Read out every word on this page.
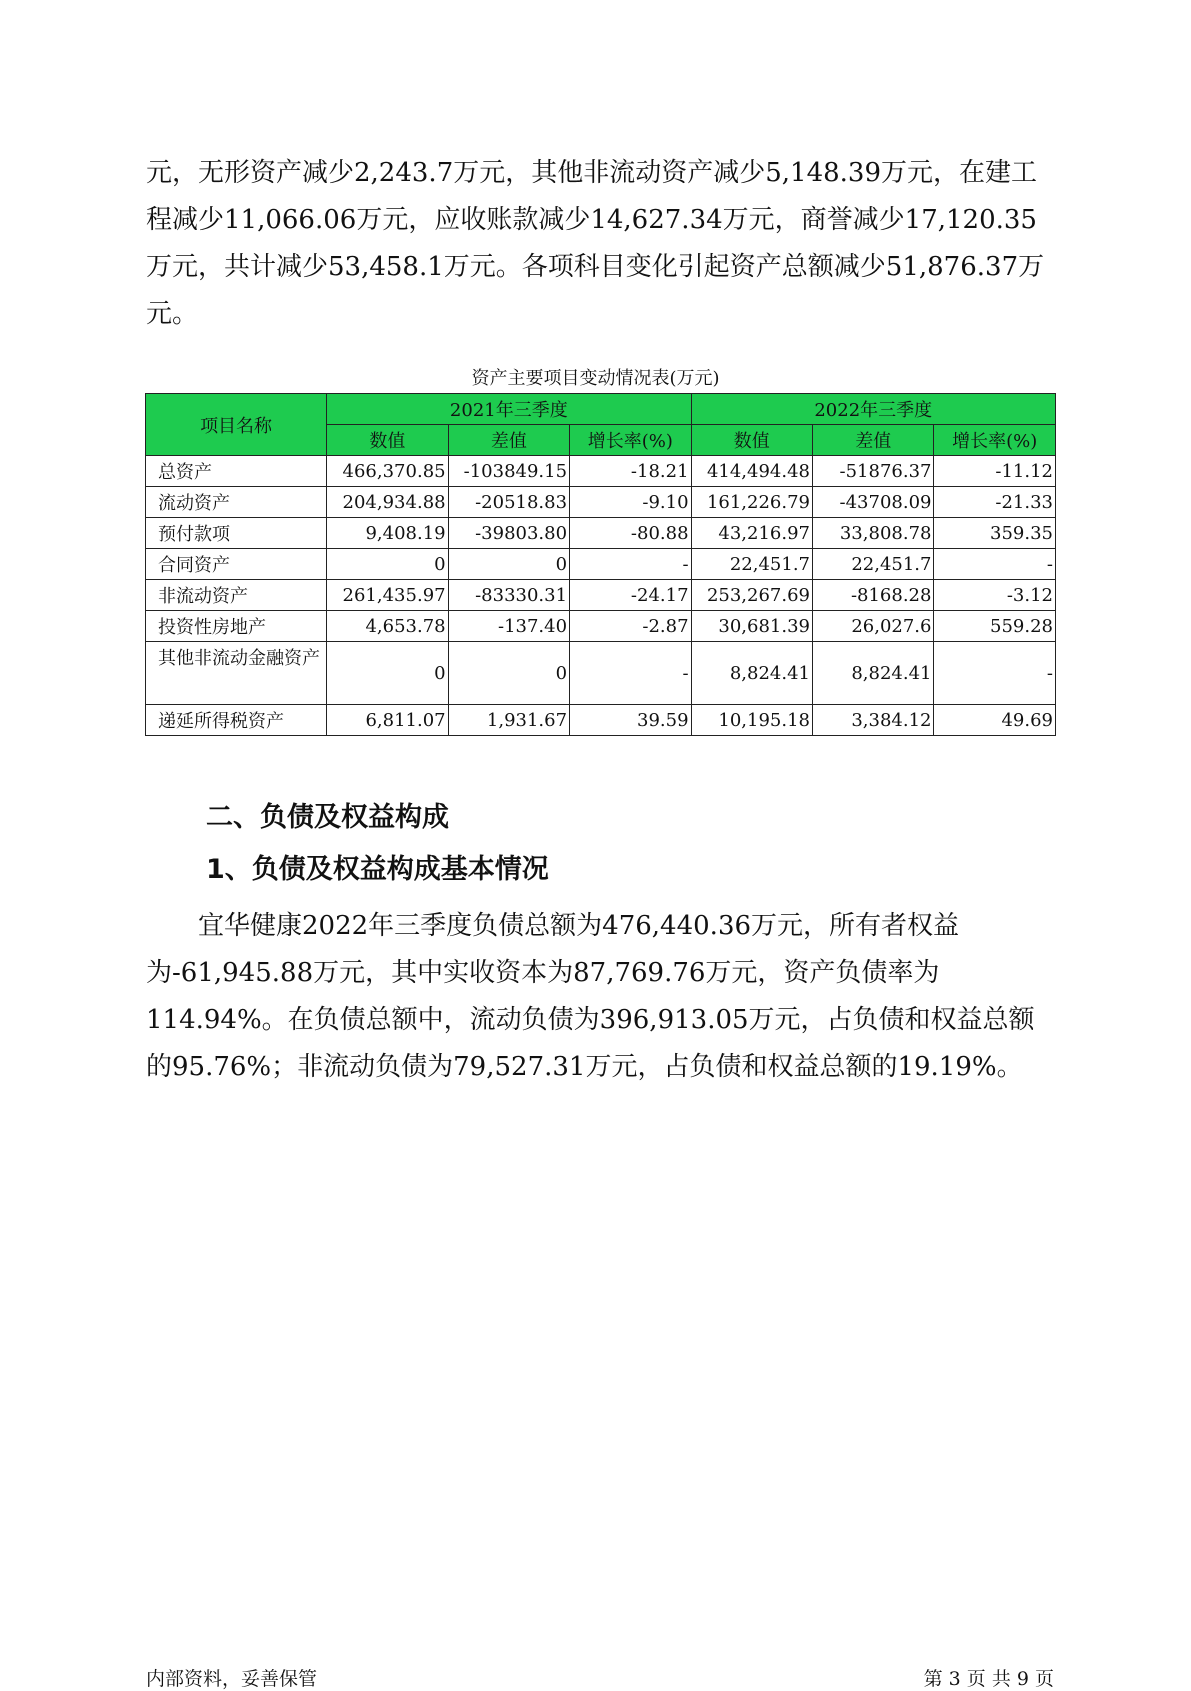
元，无形资产减少2,243.7万元，其他非流动资产减少5,148.39万元，在建工程减少11,066.06万元，应收账款减少14,627.34万元，商誉减少17,120.35万元，共计减少53,458.1万元。各项科目变化引起资产总额减少51,876.37万元。

资产主要项目变动情况表(万元)
项目名称	2021年三季度			2022年三季度		
	数值	差值	增长率(%)	数值	差值	增长率(%)
总资产	466,370.85	-103849.15	-18.21	414,494.48	-51876.37	-11.12
流动资产	204,934.88	-20518.83	-9.10	161,226.79	-43708.09	-21.33
预付款项	9,408.19	-39803.80	-80.88	43,216.97	33,808.78	359.35
合同资产	0	0	-	22,451.7	22,451.7	-
非流动资产	261,435.97	-83330.31	-24.17	253,267.69	-8168.28	-3.12
投资性房地产	4,653.78	-137.40	-2.87	30,681.39	26,027.6	559.28
其他非流动金融资产	0	0	-	8,824.41	8,824.41	-
递延所得税资产	6,811.07	1,931.67	39.59	10,195.18	3,384.12	49.69
二、负债及权益构成
1、负债及权益构成基本情况

宜华健康2022年三季度负债总额为476,440.36万元，所有者权益为-61,945.88万元，其中实收资本为87,769.76万元，资产负债率为114.94%。在负债总额中，流动负债为396,913.05万元，占负债和权益总额的95.76%；非流动负债为79,527.31万元，占负债和权益总额的19.19%。

内部资料，妥善保管	第 3 页 共 9 页
